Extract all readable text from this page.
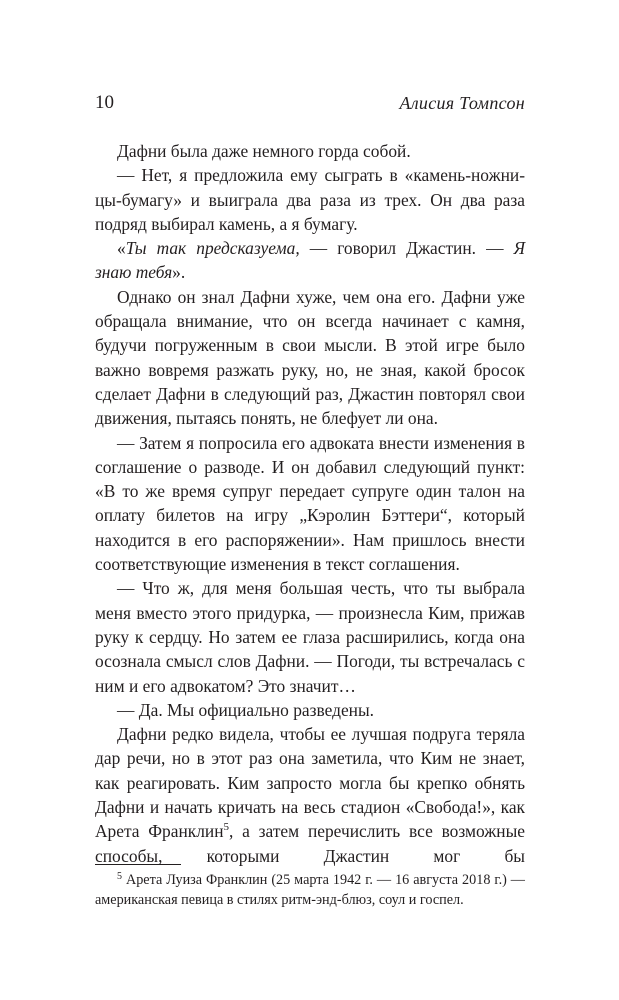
10	Алисия Томпсон

Дафни была даже немного горда собой.

— Нет, я предложила ему сыграть в «камень-ножницы-бумагу» и выиграла два раза из трех. Он два раза подряд выбирал камень, а я бумагу.

«Ты так предсказуема, — говорил Джастин. — Я знаю тебя».

Однако он знал Дафни хуже, чем она его. Дафни уже обращала внимание, что он всегда начинает с камня, будучи погруженным в свои мысли. В этой игре было важно вовремя разжать руку, но, не зная, какой бросок сделает Дафни в следующий раз, Джастин повторял свои движения, пытаясь понять, не блефует ли она.

— Затем я попросила его адвоката внести изменения в соглашение о разводе. И он добавил следующий пункт: «В то же время супруг передает супруге один талон на оплату билетов на игру „Кэролин Бэттери“, который находится в его распоряжении». Нам пришлось внести соответствующие изменения в текст соглашения.

— Что ж, для меня большая честь, что ты выбрала меня вместо этого придурка, — произнесла Ким, прижав руку к сердцу. Но затем ее глаза расширились, когда она осознала смысл слов Дафни. — Погоди, ты встречалась с ним и его адвокатом? Это значит…

— Да. Мы официально разведены.

Дафни редко видела, чтобы ее лучшая подруга теряла дар речи, но в этот раз она заметила, что Ким не знает, как реагировать. Ким запросто могла бы крепко обнять Дафни и начать кричать на весь стадион «Свобода!», как Арета Франклин$^5$, а затем перечислить все возможные способы, которыми Джастин мог бы

$^5$ Арета Луиза Франклин (25 марта 1942 г. — 16 августа 2018 г.) — американская певица в стилях ритм-энд-блюз, соул и госпел.
